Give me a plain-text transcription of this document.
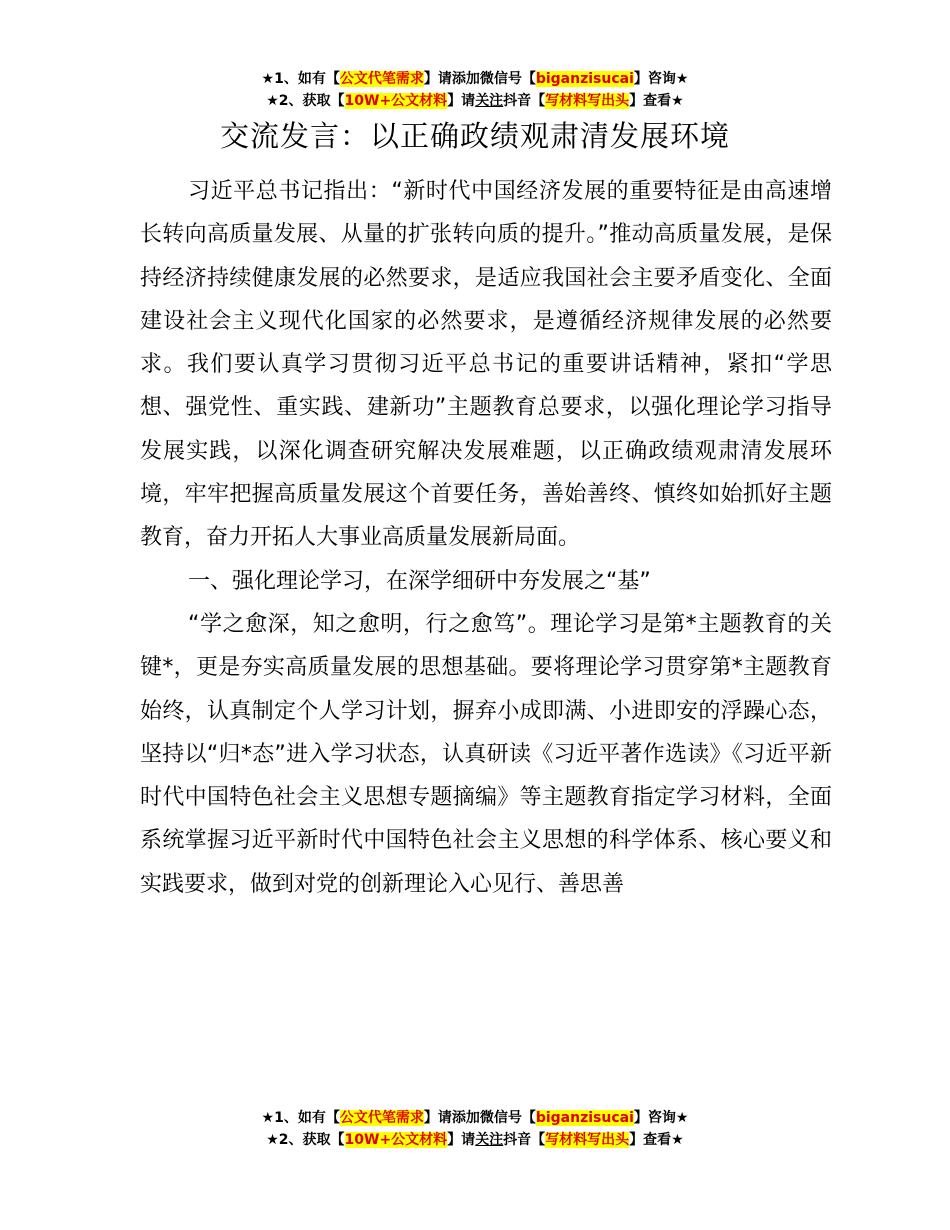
★1、如有【公文代笔需求】请添加微信号【biganzisucai】咨询★
★2、获取【10W+公文材料】请关注抖音【写材料写出头】查看★
交流发言：以正确政绩观肃清发展环境

习近平总书记指出：“新时代中国经济发展的重要特征是由高速增长转向高质量发展、从量的扩张转向质的提升。”推动高质量发展，是保持经济持续健康发展的必然要求，是适应我国社会主要矛盾变化、全面建设社会主义现代化国家的必然要求，是遵循经济规律发展的必然要求。我们要认真学习贯彻习近平总书记的重要讲话精神，紧扣“学思想、强党性、重实践、建新功”主题教育总要求，以强化理论学习指导发展实践，以深化调查研究解决发展难题，以正确政绩观肃清发展环境，牢牢把握高质量发展这个首要任务，善始善终、慎终如始抓好主题教育，奋力开拓人大事业高质量发展新局面。

一、强化理论学习，在深学细研中夯发展之“基”

“学之愈深，知之愈明，行之愈笃”。理论学习是第*主题教育的关键*，更是夯实高质量发展的思想基础。要将理论学习贯穿第*主题教育始终，认真制定个人学习计划，摒弃小成即满、小进即安的浮躁心态，坚持以“归*态”进入学习状态，认真研读《习近平著作选读》《习近平新时代中国特色社会主义思想专题摘编》等主题教育指定学习材料，全面系统掌握习近平新时代中国特色社会主义思想的科学体系、核心要义和实践要求，做到对党的创新理论入心见行、善思善

★1、如有【公文代笔需求】请添加微信号【biganzisucai】咨询★
★2、获取【10W+公文材料】请关注抖音【写材料写出头】查看★
